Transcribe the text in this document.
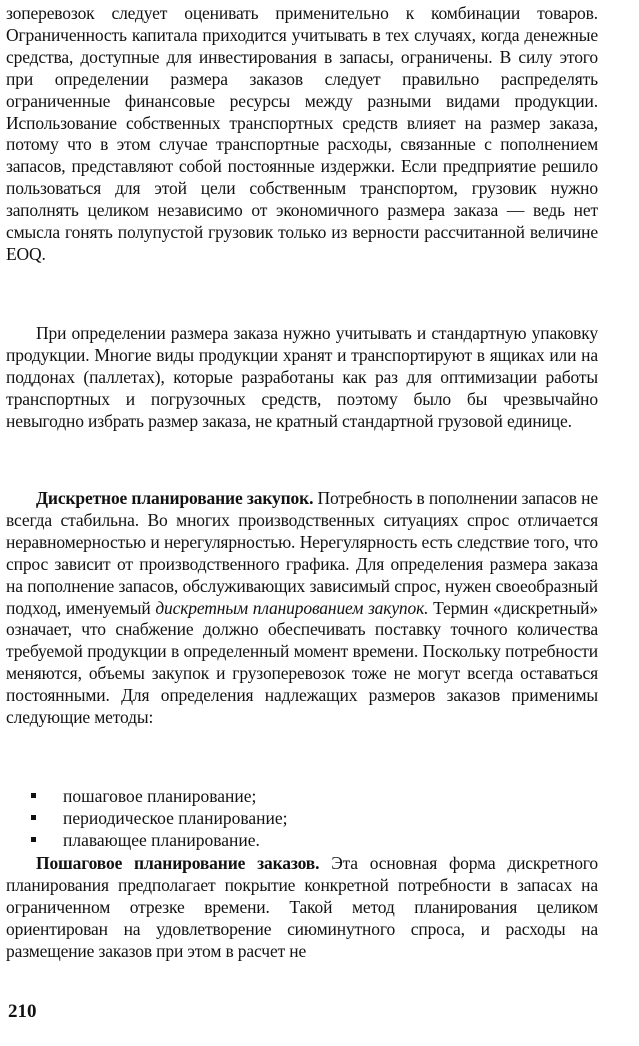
зоперевозок следует оценивать применительно к комбинации товаров. Ограниченность капитала приходится учитывать в тех случаях, когда денежные средства, доступные для инвестирования в запасы, ограничены. В силу этого при определении размера заказов следует правильно распределять ограниченные финансовые ресурсы между разными видами продукции. Использование собственных транспортных средств влияет на размер заказа, потому что в этом случае транспортные расходы, связанные с пополнением запасов, представляют собой постоянные издержки. Если предприятие решило пользоваться для этой цели собственным транспортом, грузовик нужно заполнять целиком независимо от экономичного размера заказа — ведь нет смысла гонять полупустой грузовик только из верности рассчитанной величине EOQ.

При определении размера заказа нужно учитывать и стандартную упаковку продукции. Многие виды продукции хранят и транспортируют в ящиках или на поддонах (паллетах), которые разработаны как раз для оптимизации работы транспортных и погрузочных средств, поэтому было бы чрезвычайно невыгодно избрать размер заказа, не кратный стандартной грузовой единице.

Дискретное планирование закупок. Потребность в пополнении запасов не всегда стабильна. Во многих производственных ситуациях спрос отличается неравномерностью и нерегулярностью. Нерегулярность есть следствие того, что спрос зависит от производственного графика. Для определения размера заказа на пополнение запасов, обслуживающих зависимый спрос, нужен своеобразный подход, именуемый дискретным планированием закупок. Термин «дискретный» означает, что снабжение должно обеспечивать поставку точного количества требуемой продукции в определенный момент времени. Поскольку потребности меняются, объемы закупок и грузоперевозок тоже не могут всегда оставаться постоянными. Для определения надлежащих размеров заказов применимы следующие методы:

пошаговое планирование;
периодическое планирование;
плавающее планирование.

Пошаговое планирование заказов. Эта основная форма дискретного планирования предполагает покрытие конкретной потребности в запасах на ограниченном отрезке времени. Такой метод планирования целиком ориентирован на удовлетворение сиюминутного спроса, и расходы на размещение заказов при этом в расчет не

210
